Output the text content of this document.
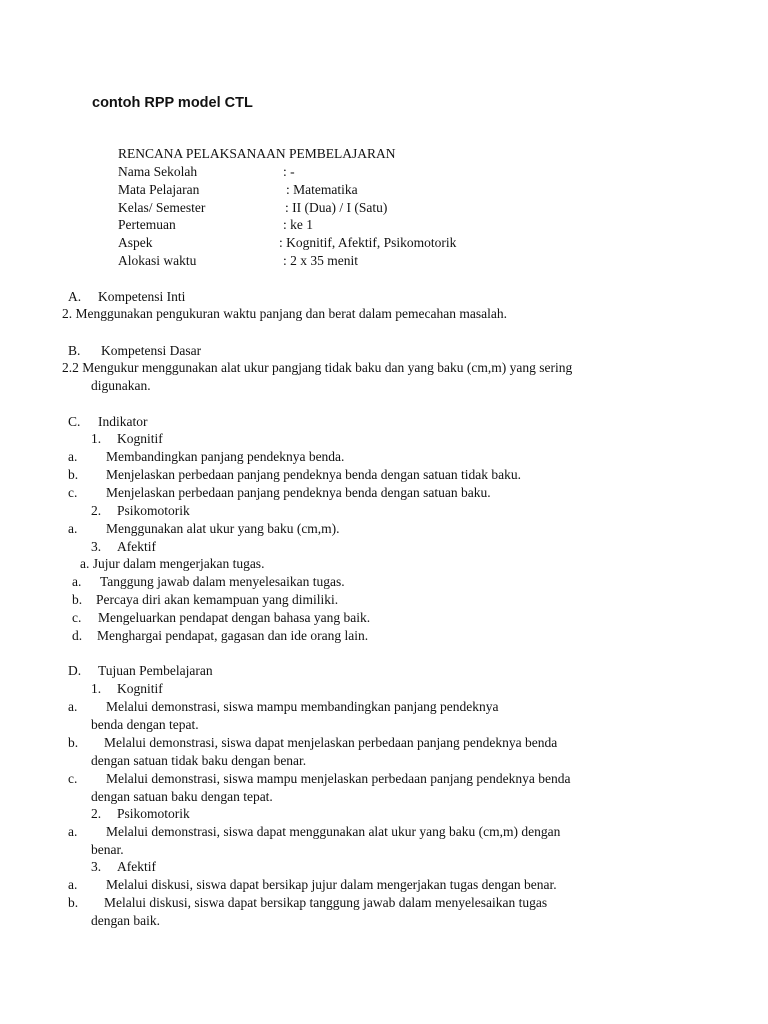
contoh RPP model CTL
RENCANA PELAKSANAAN PEMBELAJARAN
Nama Sekolah	: -
Mata Pelajaran	: Matematika
Kelas/ Semester	: II (Dua) / I (Satu)
Pertemuan	: ke 1
Aspek	: Kognitif, Afektif, Psikomotorik
Alokasi waktu	: 2 x 35 menit
A. Kompetensi Inti
2. Menggunakan pengukuran waktu panjang dan berat dalam pemecahan masalah.
B. Kompetensi Dasar
2.2 Mengukur menggunakan alat ukur pangjang tidak baku dan yang baku (cm,m) yang sering
digunakan.
C. Indikator
1. Kognitif
a. Membandingkan panjang pendeknya benda.
b. Menjelaskan perbedaan panjang pendeknya benda dengan satuan tidak baku.
c. Menjelaskan perbedaan panjang pendeknya benda dengan satuan baku.
2. Psikomotorik
a. Menggunakan alat ukur yang baku (cm,m).
3. Afektif
a. Jujur dalam mengerjakan tugas.
a. Tanggung jawab dalam menyelesaikan tugas.
b. Percaya diri akan kemampuan yang dimiliki.
c. Mengeluarkan pendapat dengan bahasa yang baik.
d. Menghargai pendapat, gagasan dan ide orang lain.
D. Tujuan Pembelajaran
1. Kognitif
a. Melalui demonstrasi, siswa mampu membandingkan panjang pendeknya
benda dengan tepat.
b. Melalui demonstrasi, siswa dapat menjelaskan perbedaan panjang pendeknya benda
dengan satuan tidak baku dengan benar.
c. Melalui demonstrasi, siswa mampu menjelaskan perbedaan panjang pendeknya benda
dengan satuan baku dengan tepat.
2. Psikomotorik
a. Melalui demonstrasi, siswa dapat menggunakan alat ukur yang baku (cm,m) dengan
benar.
3. Afektif
a. Melalui diskusi, siswa dapat bersikap jujur dalam mengerjakan tugas dengan benar.
b. Melalui diskusi, siswa dapat bersikap tanggung jawab dalam menyelesaikan tugas
dengan baik.
